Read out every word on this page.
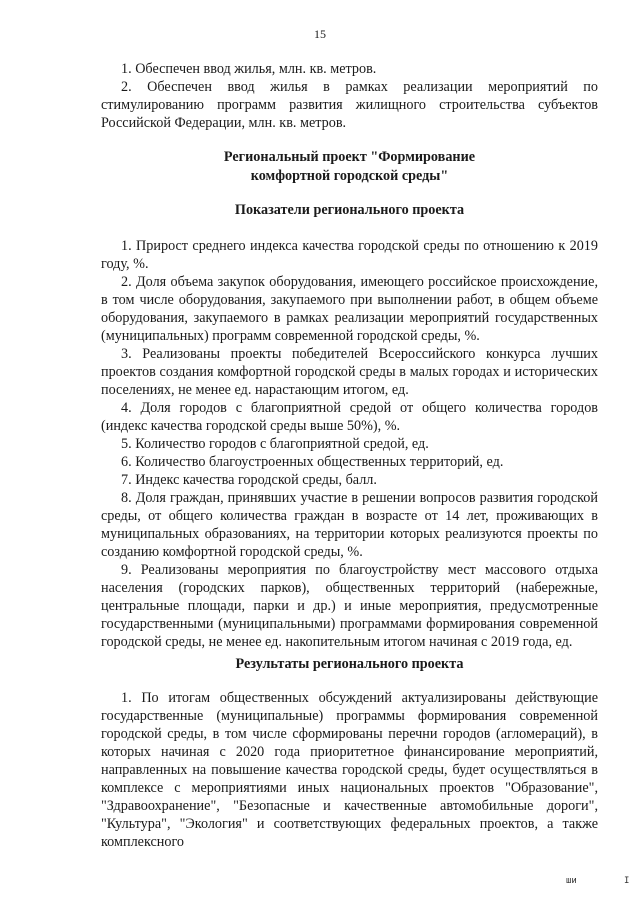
15

1. Обеспечен ввод жилья, млн. кв. метров.

2. Обеспечен ввод жилья в рамках реализации мероприятий по стимулированию программ развития жилищного строительства субъектов Российской Федерации, млн. кв. метров.

Региональный проект "Формирование

комфортной городской среды"

Показатели регионального проекта

1. Прирост среднего индекса качества городской среды по отношению к 2019 году, %.

2. Доля объема закупок оборудования, имеющего российское происхождение, в том числе оборудования, закупаемого при выполнении работ, в общем объеме оборудования, закупаемого в рамках реализации мероприятий государственных (муниципальных) программ современной городской среды, %.

3. Реализованы проекты победителей Всероссийского конкурса лучших проектов создания комфортной городской среды в малых городах и исторических поселениях, не менее ед. нарастающим итогом, ед.

4. Доля городов с благоприятной средой от общего количества городов (индекс качества городской среды выше 50%), %.

5. Количество городов с благоприятной средой, ед.

6. Количество благоустроенных общественных территорий, ед.

7. Индекс качества городской среды, балл.

8. Доля граждан, принявших участие в решении вопросов развития городской среды, от общего количества граждан в возрасте от 14 лет, проживающих в муниципальных образованиях, на территории которых реализуются проекты по созданию комфортной городской среды, %.

9. Реализованы мероприятия по благоустройству мест массового отдыха населения (городских парков), общественных территорий (набережные, центральные площади, парки и др.) и иные мероприятия, предусмотренные государственными (муниципальными) программами формирования современной городской среды, не менее ед. накопительным итогом начиная с 2019 года, ед.

Результаты регионального проекта

1. По итогам общественных обсуждений актуализированы действующие государственные (муниципальные) программы формирования современной городской среды, в том числе сформированы перечни городов (агломераций), в которых начиная с 2020 года приоритетное финансирование мероприятий, направленных на повышение качества городской среды, будет осуществляться в комплексе с мероприятиями иных национальных проектов "Образование", "Здравоохранение", "Безопасные и качественные автомобильные дороги", "Культура", "Экология" и соответствующих федеральных проектов, а также комплексного

ши	I
